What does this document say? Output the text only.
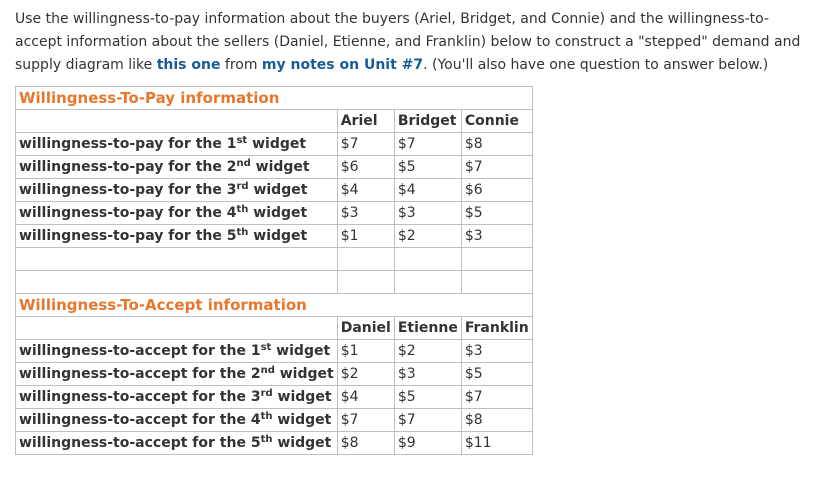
Use the willingness-to-pay information about the buyers (Ariel, Bridget, and Connie) and the willingness-to-accept information about the sellers (Daniel, Etienne, and Franklin) below to construct a "stepped" demand and supply diagram like this one from my notes on Unit #7. (You'll also have one question to answer below.)
Willingness-To-Pay information			
	Ariel	Bridget	Connie
willingness-to-pay for the 1st widget	$7	$7	$8
willingness-to-pay for the 2nd widget	$6	$5	$7
willingness-to-pay for the 3rd widget	$4	$4	$6
willingness-to-pay for the 4th widget	$3	$3	$5
willingness-to-pay for the 5th widget	$1	$2	$3

Willingness-To-Accept information			
	Daniel	Etienne	Franklin
willingness-to-accept for the 1st widget	$1	$2	$3
willingness-to-accept for the 2nd widget	$2	$3	$5
willingness-to-accept for the 3rd widget	$4	$5	$7
willingness-to-accept for the 4th widget	$7	$7	$8
willingness-to-accept for the 5th widget	$8	$9	$11
